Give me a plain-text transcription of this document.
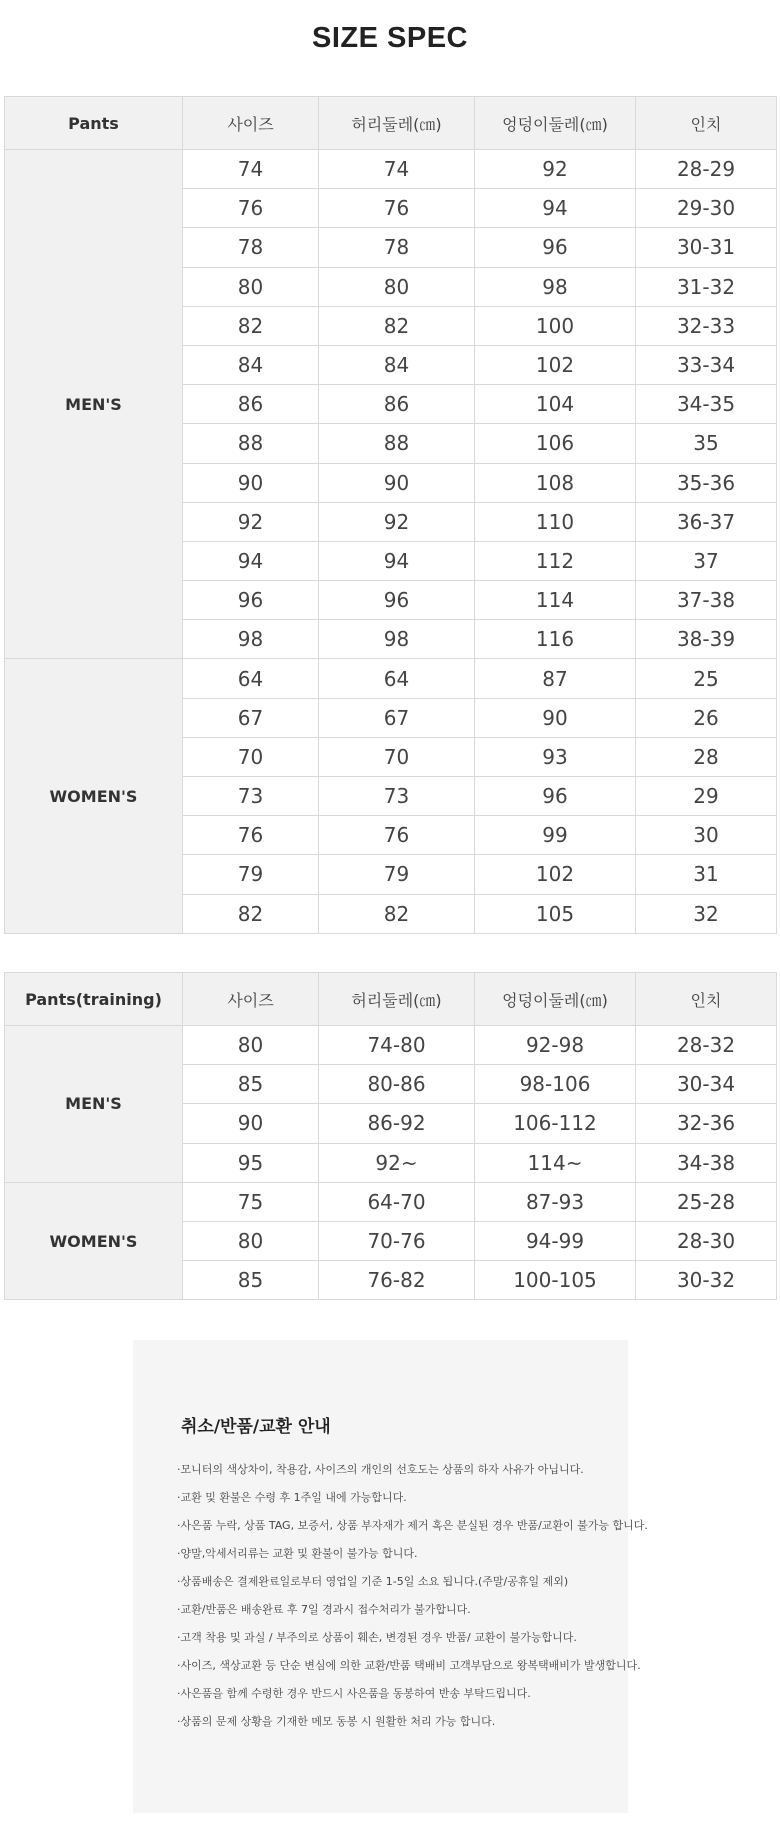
SIZE SPEC
Pants	사이즈	허리둘레(㎝)	엉덩이둘레(㎝)	인치
MEN'S	74	74	92	28-29
	76	76	94	29-30
	78	78	96	30-31
	80	80	98	31-32
	82	82	100	32-33
	84	84	102	33-34
	86	86	104	34-35
	88	88	106	35
	90	90	108	35-36
	92	92	110	36-37
	94	94	112	37
	96	96	114	37-38
	98	98	116	38-39
WOMEN'S	64	64	87	25
	67	67	90	26
	70	70	93	28
	73	73	96	29
	76	76	99	30
	79	79	102	31
	82	82	105	32
Pants(training)	사이즈	허리둘레(㎝)	엉덩이둘레(㎝)	인치
MEN'S	80	74-80	92-98	28-32
	85	80-86	98-106	30-34
	90	86-92	106-112	32-36
	95	92~	114~	34-38
WOMEN'S	75	64-70	87-93	25-28
	80	70-76	94-99	28-30
	85	76-82	100-105	30-32
취소/반품/교환 안내
·모니터의 색상차이, 착용감, 사이즈의 개인의 선호도는 상품의 하자 사유가 아닙니다.
·교환 및 환불은 수령 후 1주일 내에 가능합니다.
·사은품 누락, 상품 TAG, 보증서, 상품 부자재가 제거 혹은 분실된 경우 반품/교환이 불가능 합니다.
·양말,악세서리류는 교환 및 환불이 불가능 합니다.
·상품배송은 결제완료일로부터 영업일 기준 1-5일 소요 됩니다.(주말/공휴일 제외)
·교환/반품은 배송완료 후 7일 경과시 접수처리가 불가합니다.
·고객 착용 및 과실 / 부주의로 상품이 훼손, 변경된 경우 반품/ 교환이 불가능합니다.
·사이즈, 색상교환 등 단순 변심에 의한 교환/반품 택배비 고객부담으로 왕복택배비가 발생합니다.
·사은품을 함께 수령한 경우 반드시 사은품을 동봉하여 반송 부탁드립니다.
·상품의 문제 상황을 기재한 메모 동봉 시 원활한 처리 가능 합니다.
